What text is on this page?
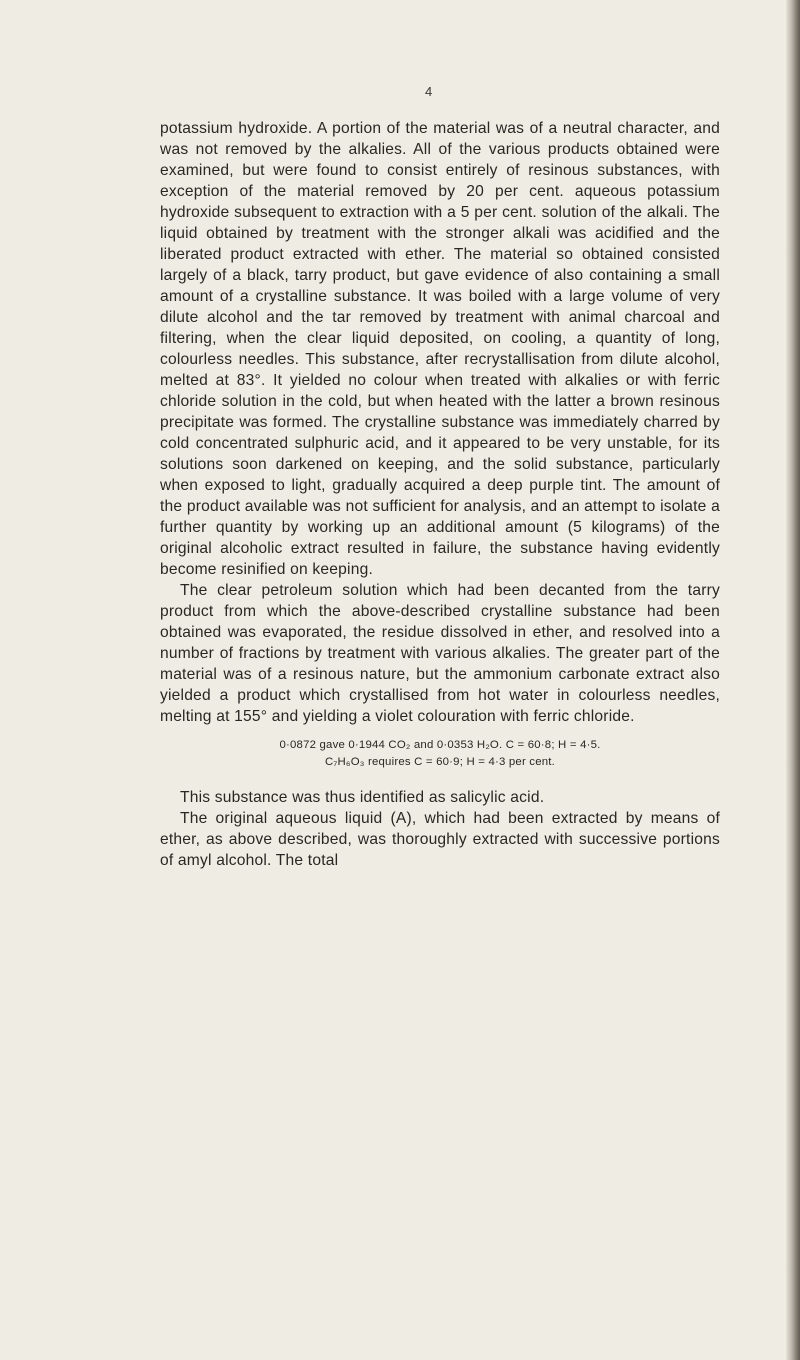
4

potassium hydroxide. A portion of the material was of a neutral character, and was not removed by the alkalies. All of the various products obtained were examined, but were found to consist entirely of resinous substances, with exception of the material removed by 20 per cent. aqueous potassium hydroxide subsequent to extraction with a 5 per cent. solution of the alkali. The liquid obtained by treatment with the stronger alkali was acidified and the liberated product extracted with ether. The material so obtained consisted largely of a black, tarry product, but gave evidence of also containing a small amount of a crystalline substance. It was boiled with a large volume of very dilute alcohol and the tar removed by treatment with animal charcoal and filtering, when the clear liquid deposited, on cooling, a quantity of long, colourless needles. This substance, after recrystallisation from dilute alcohol, melted at 83°. It yielded no colour when treated with alkalies or with ferric chloride solution in the cold, but when heated with the latter a brown resinous precipitate was formed. The crystalline substance was immediately charred by cold concentrated sulphuric acid, and it appeared to be very unstable, for its solutions soon darkened on keeping, and the solid substance, particularly when exposed to light, gradually acquired a deep purple tint. The amount of the product available was not sufficient for analysis, and an attempt to isolate a further quantity by working up an additional amount (5 kilograms) of the original alcoholic extract resulted in failure, the substance having evidently become resinified on keeping.

The clear petroleum solution which had been decanted from the tarry product from which the above-described crystalline substance had been obtained was evaporated, the residue dissolved in ether, and resolved into a number of fractions by treatment with various alkalies. The greater part of the material was of a resinous nature, but the ammonium carbonate extract also yielded a product which crystallised from hot water in colourless needles, melting at 155° and yielding a violet colouration with ferric chloride.

0·0872 gave 0·1944 CO₂ and 0·0353 H₂O. C = 60·8; H = 4·5.
C₇H₆O₃ requires C = 60·9; H = 4·3 per cent.

This substance was thus identified as salicylic acid.

The original aqueous liquid (A), which had been extracted by means of ether, as above described, was thoroughly extracted with successive portions of amyl alcohol. The total
